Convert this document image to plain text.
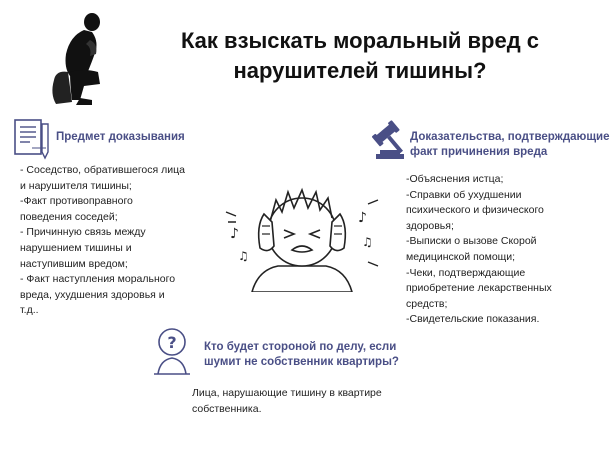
Как взыскать моральный вред с
нарушителей тишины?
Предмет доказывания
- Соседство, обратившегося лица
и нарушителя тишины;
-Факт противоправного
поведения соседей;
- Причинную связь между
нарушением тишины и
наступившим вредом;
- Факт наступления морального
вреда, ухудшения здоровья и
т.д..
Доказательства, подтверждающие
факт причинения вреда
-Объяснения истца;
-Справки об ухудшении
психического и физического
здоровья;
-Выписки о вызове Скорой
медицинской помощи;
-Чеки, подтверждающие
приобретение лекарственных
средств;
-Свидетельские показания.
♪
♫
♪
♫
? Кто будет стороной по делу, если
шумит не собственник квартиры?
Лица, нарушающие тишину в квартире
собственника.
